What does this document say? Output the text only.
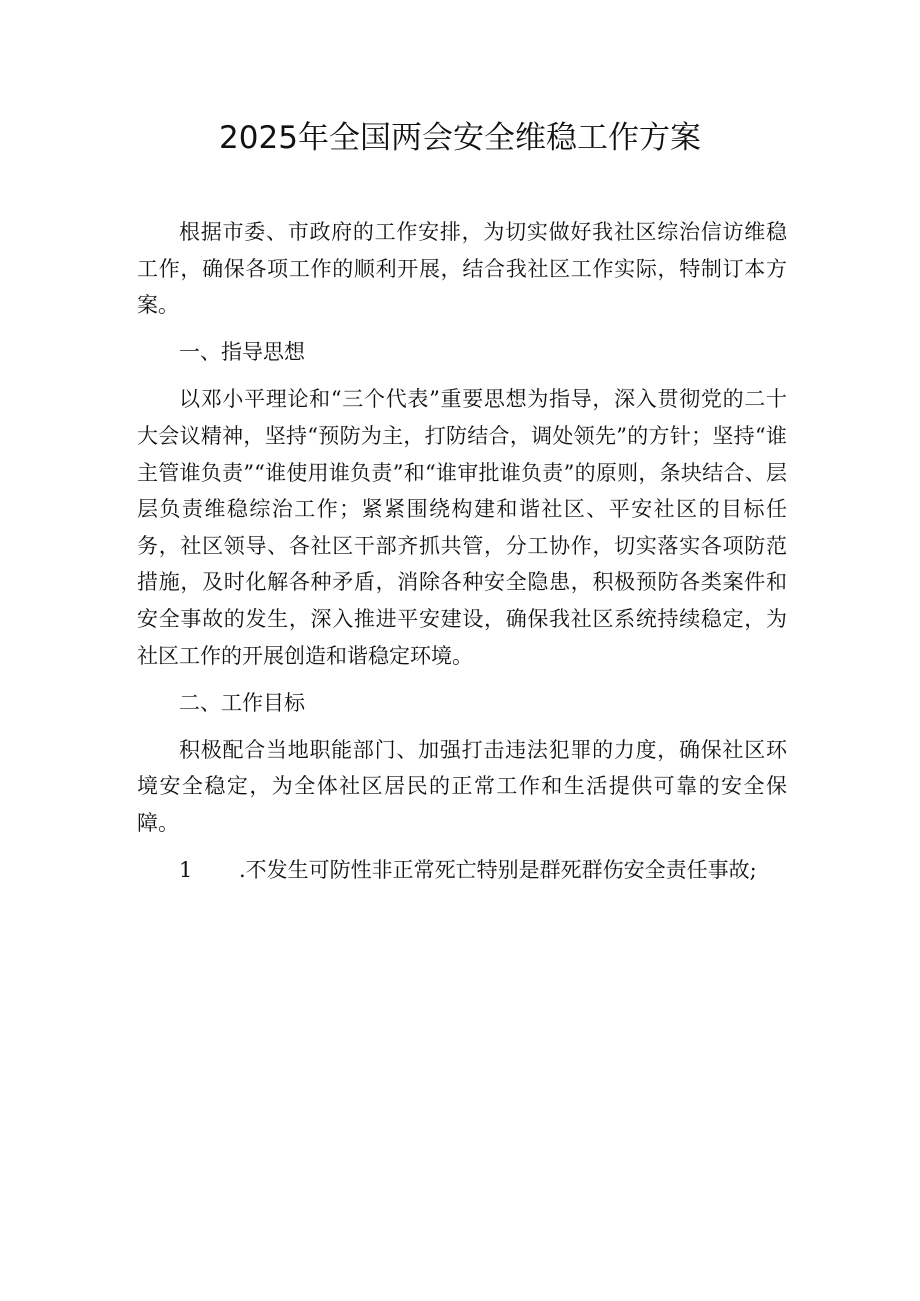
2025年全国两会安全维稳工作方案

根据市委、市政府的工作安排，为切实做好我社区综治信访维稳工作，确保各项工作的顺利开展，结合我社区工作实际，特制订本方案。

一、指导思想

以邓小平理论和“三个代表”重要思想为指导，深入贯彻党的二十大会议精神，坚持“预防为主，打防结合，调处领先”的方针；坚持“谁主管谁负责”“谁使用谁负责”和“谁审批谁负责”的原则，条块结合、层层负责维稳综治工作；紧紧围绕构建和谐社区、平安社区的目标任务，社区领导、各社区干部齐抓共管，分工协作，切实落实各项防范措施，及时化解各种矛盾，消除各种安全隐患，积极预防各类案件和安全事故的发生，深入推进平安建设，确保我社区系统持续稳定，为社区工作的开展创造和谐稳定环境。

二、工作目标

积极配合当地职能部门、加强打击违法犯罪的力度，确保社区环境安全稳定，为全体社区居民的正常工作和生活提供可靠的安全保障。

1 .不发生可防性非正常死亡特别是群死群伤安全责任事故;
